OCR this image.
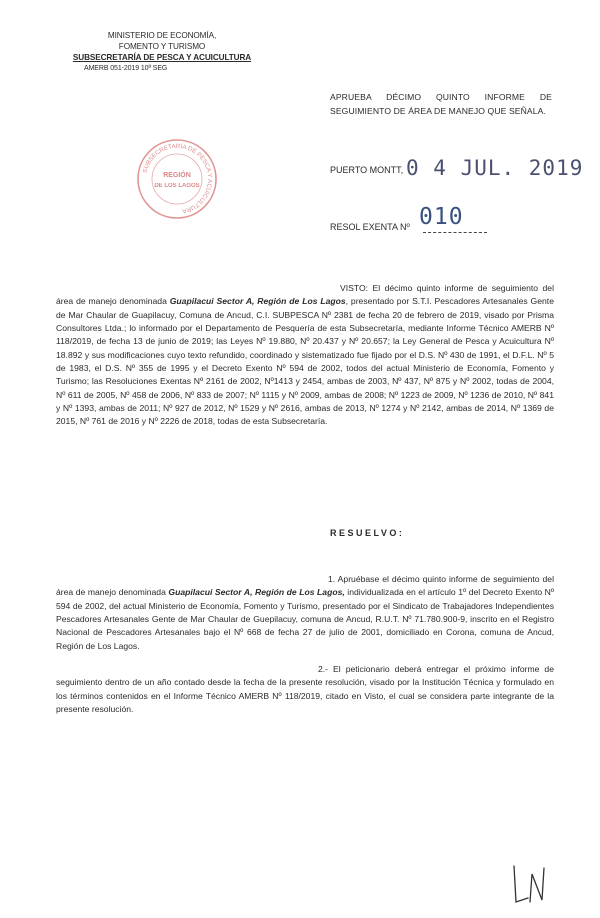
MINISTERIO DE ECONOMÍA,
FOMENTO Y TURISMO
SUBSECRETARÍA DE PESCA Y ACUICULTURA
AMERB 051-2019 10ª SEG
APRUEBA DÉCIMO QUINTO INFORME DE
SEGUIMIENTO DE ÁREA DE MANEJO QUE SEÑALA.
SUBSECRETARÍA DE PESCA Y ACUICULTURA
REGIÓN
DE LOS LAGOS
PUERTO MONTT, 0 4 JUL. 2019
RESOL EXENTA Nº 010
VISTO: El décimo quinto informe de seguimiento del área de manejo denominada Guapilacui Sector A, Región de Los Lagos, presentado por S.T.I. Pescadores Artesanales Gente de Mar Chaular de Guapilacuy, Comuna de Ancud, C.I. SUBPESCA Nº 2381 de fecha 20 de febrero de 2019, visado por Prisma Consultores Ltda.; lo informado por el Departamento de Pesquería de esta Subsecretaría, mediante Informe Técnico AMERB Nº 118/2019, de fecha 13 de junio de 2019; las Leyes Nº 19.880, Nº 20.437 y Nº 20.657; la Ley General de Pesca y Acuicultura Nº 18.892 y sus modificaciones cuyo texto refundido, coordinado y sistematizado fue fijado por el D.S. Nº 430 de 1991, el D.F.L. Nº 5 de 1983, el D.S. Nº 355 de 1995 y el Decreto Exento Nº 594 de 2002, todos del actual Ministerio de Economía, Fomento y Turismo; las Resoluciones Exentas Nº 2161 de 2002, Nº1413 y 2454, ambas de 2003, Nº 437, Nº 875 y Nº 2002, todas de 2004, Nº 611 de 2005, Nº 458 de 2006, Nº 833 de 2007; Nº 1115 y Nº 2009, ambas de 2008; Nº 1223 de 2009, Nº 1236 de 2010, Nº 841 y Nº 1393, ambas de 2011; Nº 927 de 2012, Nº 1529 y Nº 2616, ambas de 2013, Nº 1274 y Nº 2142, ambas de 2014, Nº 1369 de 2015, Nº 761 de 2016 y Nº 2226 de 2018, todas de esta Subsecretaría.
RESUELVO:
1. Apruébase el décimo quinto informe de seguimiento del área de manejo denominada Guapilacui Sector A, Región de Los Lagos, individualizada en el artículo 1º del Decreto Exento Nº 594 de 2002, del actual Ministerio de Economía, Fomento y Turismo, presentado por el Sindicato de Trabajadores Independientes Pescadores Artesanales Gente de Mar Chaular de Guepilacuy, comuna de Ancud, R.U.T. Nº 71.780.900-9, inscrito en el Registro Nacional de Pescadores Artesanales bajo el Nº 668 de fecha 27 de julio de 2001, domiciliado en Corona, comuna de Ancud, Región de Los Lagos.
2.- El peticionario deberá entregar el próximo informe de seguimiento dentro de un año contado desde la fecha de la presente resolución, visado por la Institución Técnica y formulado en los términos contenidos en el Informe Técnico AMERB Nº 118/2019, citado en Visto, el cual se considera parte integrante de la presente resolución.
